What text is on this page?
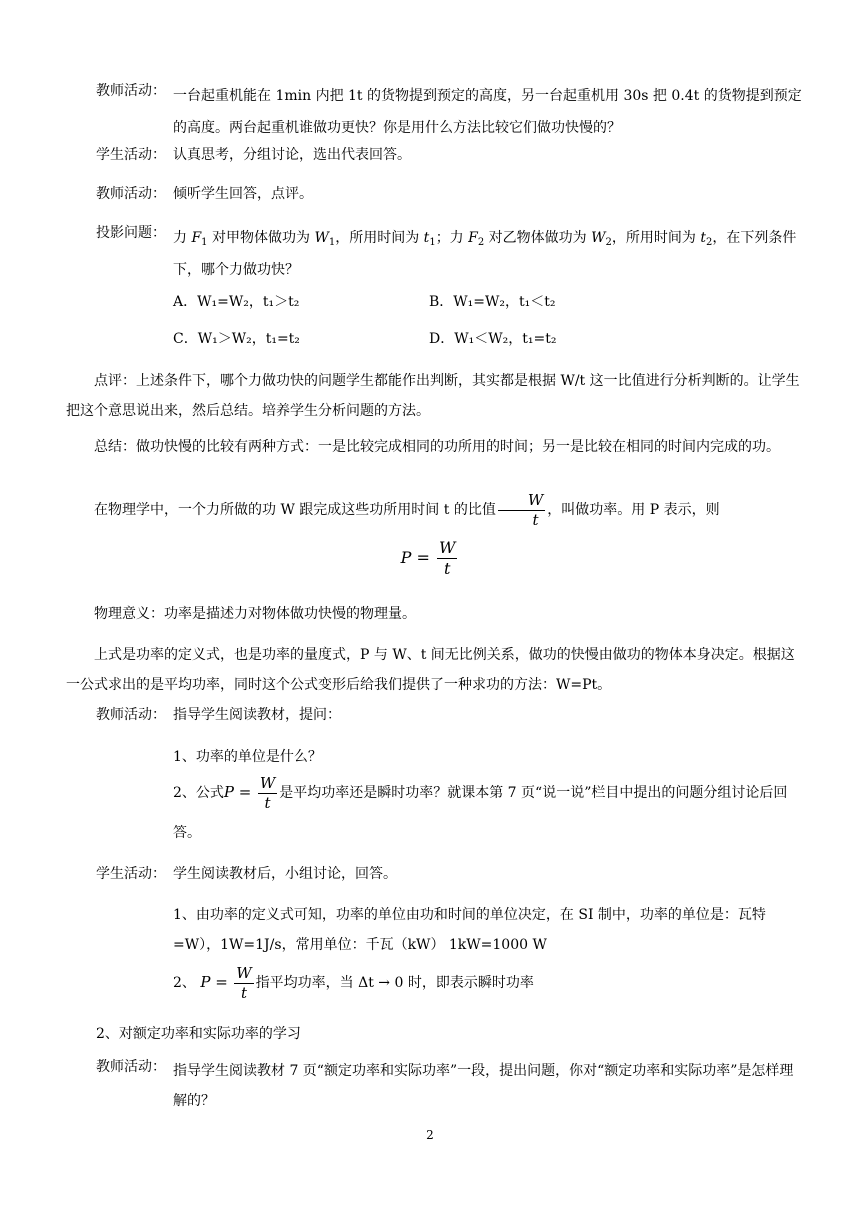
教师活动： 一台起重机能在 1min 内把 1t 的货物提到预定的高度，另一台起重机用 30s 把 0.4t 的货物提到预定的高度。两台起重机谁做功更快？你是用什么方法比较它们做功快慢的？
学生活动： 认真思考，分组讨论，选出代表回答。
教师活动： 倾听学生回答，点评。
投影问题： 力 $F_1$ 对甲物体做功为 $W_1$，所用时间为 $t_1$；力 $F_2$ 对乙物体做功为 $W_2$，所用时间为 $t_2$，在下列条件下，哪个力做功快？
A．W₁=W₂，t₁＞t₂	B．W₁=W₂，t₁＜t₂
C．W₁＞W₂，t₁=t₂	D．W₁＜W₂，t₁=t₂
点评：上述条件下，哪个力做功快的问题学生都能作出判断，其实都是根据 W/t 这一比值进行分析判断的。让学生把这个意思说出来，然后总结。培养学生分析问题的方法。
总结：做功快慢的比较有两种方式：一是比较完成相同的功所用的时间；另一是比较在相同的时间内完成的功。
在物理学中，一个力所做的功 W 跟完成这些功所用时间 t 的比值 $\frac{W}{t}$ ，叫做功率。用 P 表示，则
$P = \frac{W}{t}$
物理意义：功率是描述力对物体做功快慢的物理量。
上式是功率的定义式，也是功率的量度式，P 与 W、t 间无比例关系，做功的快慢由做功的物体本身决定。根据这一公式求出的是平均功率，同时这个公式变形后给我们提供了一种求功的方法：W=Pt。
教师活动： 指导学生阅读教材，提问：
1、功率的单位是什么？
2、公式$P = \frac{W}{t}$ 是平均功率还是瞬时功率？就课本第 7 页“说一说”栏目中提出的问题分组讨论后回答。
学生活动： 学生阅读教材后，小组讨论，回答。
1、由功率的定义式可知，功率的单位由功和时间的单位决定，在 SI 制中，功率的单位是：瓦特=W），1W=1J/s，常用单位：千瓦（kW） 1kW=1000 W
2、 $P = \frac{W}{t}$ 指平均功率，当 Δt → 0 时，即表示瞬时功率
2、对额定功率和实际功率的学习
教师活动： 指导学生阅读教材 7 页“额定功率和实际功率”一段，提出问题，你对“额定功率和实际功率”是怎样理解的？
2
